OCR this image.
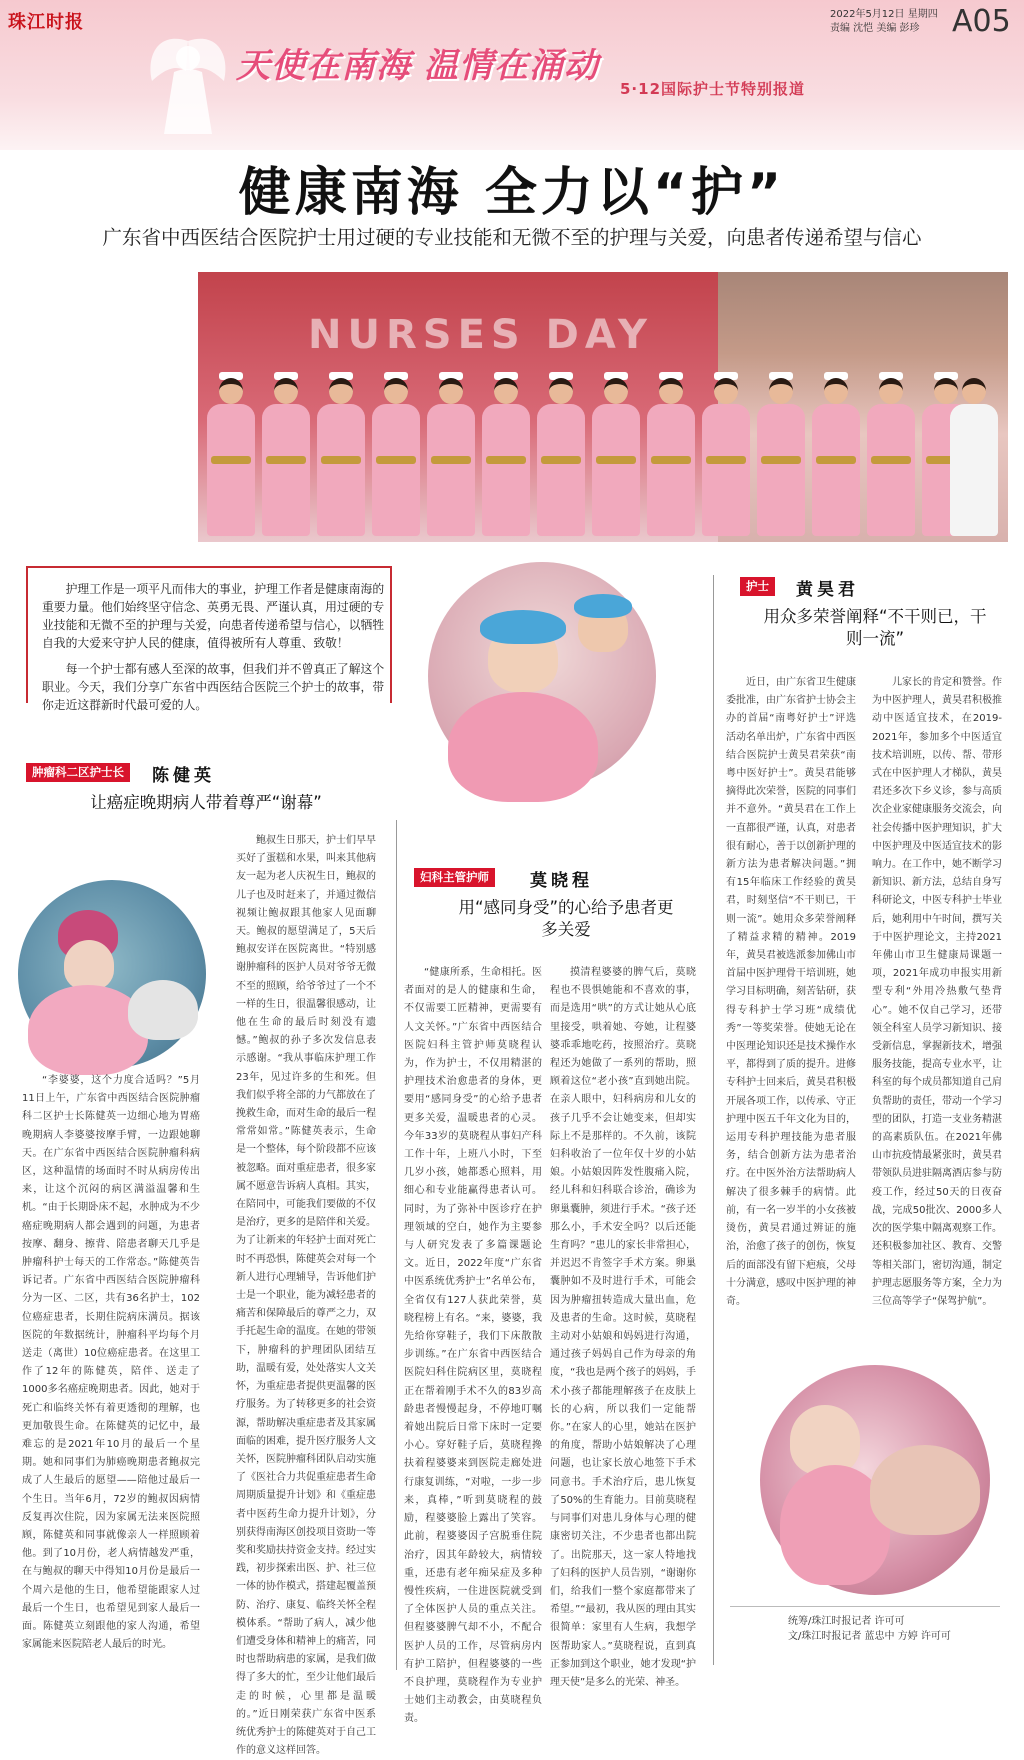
珠江时报	2022年5月12日 星期四
责编 沈恺 美编 彭珍	A05
天使在南海 温情在涌动
5·12国际护士节特别报道
健康南海 全力以“护”
广东省中西医结合医院护士用过硬的专业技能和无微不至的护理与关爱，向患者传递希望与信心
NURSES DAY

护理工作是一项平凡而伟大的事业，护理工作者是健康南海的重要力量。他们始终坚守信念、英勇无畏、严谨认真，用过硬的专业技能和无微不至的护理与关爱，向患者传递希望与信心，以牺牲自我的大爱来守护人民的健康，值得被所有人尊重、致敬！

每一个护士都有感人至深的故事，但我们并不曾真正了解这个职业。今天，我们分享广东省中西医结合医院三个护士的故事，带你走近这群新时代最可爱的人。

肿瘤科二区护士长	陈健英
让癌症晚期病人带着尊严“谢幕”

鲍叔生日那天，护士们早早买好了蛋糕和水果，叫来其他病友一起为老人庆祝生日，鲍叔的儿子也及时赶来了，并通过微信视频让鲍叔跟其他家人见面聊天。鲍叔的愿望满足了，5天后鲍叔安详在医院离世。“特别感谢肿瘤科的医护人员对爷爷无微不至的照顾，给爷爷过了一个不一样的生日，很温馨很感动，让他在生命的最后时刻没有遗憾。”鲍叔的孙子多次发信息表示感谢。“我从事临床护理工作23年，见过许多的生和死。但我们似乎将全部的力气都放在了挽救生命，而对生命的最后一程常常如常。”陈健英表示，生命是一个整体，每个阶段都不应该被忽略。面对重症患者，很多家属不愿意告诉病人真相。其实，在陪同中，可能我们要做的不仅是治疗，更多的是陪伴和关爱。为了让新来的年轻护士面对死亡时不再恐惧，陈健英会对每一个新人进行心理辅导，告诉他们护士是一个职业，能为减轻患者的痛苦和保障最后的尊严之力，双手托起生命的温度。在她的带领下，肿瘤科的护理团队团结互助，温暖有爱，处处落实人文关怀，为重症患者提供更温馨的医疗服务。为了转移更多的社会资源，帮助解决重症患者及其家属面临的困难，提升医疗服务人文关怀，医院肿瘤科团队启动实施了《医社合力共促重症患者生命周期质量提升计划》和《重症患者中医药生命力提升计划》，分别获得南海区创投项目资助一等奖和奖励扶持资金支持。经过实践，初步探索出医、护、社三位一体的协作模式，搭建起覆盖预防、治疗、康复、临终关怀全程模体系。“帮助了病人，减少他们遭受身体和精神上的痛苦，同时也帮助病患的家属，是我们做得了多大的忙，至少让他们最后走的时候，心里都是温暖的。”近日刚荣获广东省中医系统优秀护士的陈健英对于自己工作的意义这样回答。

“李婆婆，这个力度合适吗？”5月11日上午，广东省中西医结合医院肿瘤科二区护士长陈健英一边细心地为胃癌晚期病人李婆婆按摩手臂，一边跟她聊天。在广东省中西医结合医院肿瘤科病区，这种温情的场面时不时从病房传出来，让这个沉闷的病区满溢温馨和生机。“由于长期卧床不起，水肿成为不少癌症晚期病人都会遇到的问题，为患者按摩、翻身、擦背、陪患者聊天几乎是肿瘤科护士每天的工作常态。”陈健英告诉记者。广东省中西医结合医院肿瘤科分为一区、二区，共有36名护士，102位癌症患者，长期住院病床满员。据该医院的年数据统计，肿瘤科平均每个月送走（离世）10位癌症患者。在这里工作了12年的陈健英，陪伴、送走了1000多名癌症晚期患者。因此，她对于死亡和临终关怀有着更透彻的理解，也更加敬畏生命。在陈健英的记忆中，最难忘的是2021年10月的最后一个星期。她和同事们为肺癌晚期患者鲍叔完成了人生最后的愿望——陪他过最后一个生日。当年6月，72岁的鲍叔因病情反复再次住院，因为家属无法来医院照顾，陈健英和同事就像亲人一样照顾着他。到了10月份，老人病情越发严重，在与鲍叔的聊天中得知10月份是最后一个周六是他的生日，他希望能跟家人过最后一个生日，也希望见到家人最后一面。陈健英立刻跟他的家人沟通，希望家属能来医院陪老人最后的时光。

妇科主管护师	莫晓程
用“感同身受”的心给予患者更多关爱

“健康所系，生命相托。医者面对的是人的健康和生命，不仅需要工匠精神，更需要有人文关怀。”广东省中西医结合医院妇科主管护师莫晓程认为，作为护士，不仅用精湛的护理技术治愈患者的身体，更要用“感同身受”的心给予患者更多关爱，温暖患者的心灵。今年33岁的莫晓程从事妇产科工作十年，上班八小时，下至几岁小孩，她都悉心照料，用细心和专业能赢得患者认可。同时，为了弥补中医诊疗在护理领域的空白，她作为主要参与人研究发表了多篇课题论文。近日，2022年度“广东省中医系统优秀护士”名单公布，全省仅有127人获此荣誉，莫晓程榜上有名。“来，婆婆，我先给你穿鞋子，我们下床散散步训练。”在广东省中西医结合医院妇科住院病区里，莫晓程正在帮着刚手术不久的83岁高龄患者慢慢起身，不停地叮嘱着她出院后日常下床时一定要小心。穿好鞋子后，莫晓程搀扶着程婆婆来到医院走廊处进行康复训练，“对啦，一步一步来，真棒，”听到莫晓程的鼓励，程婆婆脸上露出了笑容。此前，程婆婆因子宫脱垂住院治疗，因其年龄较大，病情较重，还患有老年痴呆症及多种慢性疾病，一住进医院就受到了全体医护人员的重点关注。但程婆婆脾气却不小，不配合医护人员的工作，尽管病房内有护工陪护，但程婆婆的一些不良护理，莫晓程作为专业护士她们主动教会，由莫晓程负责。

摸清程婆婆的脾气后，莫晓程也不畏惧她能和不喜欢的事，而是选用“哄”的方式让她从心底里接受，哄着她、夸她，让程婆婆乖乖地吃药，按照治疗。莫晓程还为她做了一系列的帮助，照顾着这位“老小孩”直到她出院。在亲人眼中，妇科病房和儿女的孩子几乎不会让她变来，但却实际上不是那样的。不久前，该院妇科收治了一位年仅十岁的小姑娘。小姑娘因阵发性腹痛入院，经儿科和妇科联合诊治，确诊为卵巢囊肿，须进行手术。“孩子还那么小，手术安全吗？以后还能生育吗？”患儿的家长非常担心，并迟迟不肯签字手术方案。卵巢囊肿如不及时进行手术，可能会因为肿瘤扭转造成大量出血，危及患者的生命。这时候，莫晓程主动对小姑娘和妈妈进行沟通，通过孩子妈妈自己作为母亲的角度，“我也是两个孩子的妈妈，手术小孩子都能理解孩子在皮肤上长的心病，所以我们一定能帮你。”在家人的心里，她站在医护的角度，帮助小姑娘解决了心理问题，也让家长放心地签下手术同意书。手术治疗后，患儿恢复了50%的生育能力。目前莫晓程与同事们对患儿身体与心理的健康密切关注，不少患者也都出院了。出院那天，这一家人特地找了妇科的医护人员告别，“谢谢你们，给我们一整个家庭都带来了希望。”“最初，我从医的理由其实很简单：家里有人生病，我想学医帮助家人。”莫晓程说，直到真正参加到这个职业，她才发现“护理天使”是多么的光荣、神圣。

护士	黄昊君
用众多荣誉阐释“不干则已，干则一流”

近日，由广东省卫生健康委批准，由广东省护士协会主办的首届“南粤好护士”评选活动名单出炉，广东省中西医结合医院护士黄昊君荣获“南粤中医好护士”。黄昊君能够摘得此次荣誉，医院的同事们并不意外。“黄昊君在工作上一直都很严谨，认真，对患者很有耐心，善于以创新护理的新方法为患者解决问题。”拥有15年临床工作经验的黄昊君，时刻坚信“不干则已，干则一流”。她用众多荣誉阐释了精益求精的精神。2019年，黄昊君被选派参加佛山市首届中医护理骨干培训班，她学习目标明确，刻苦钻研，获得专科护士学习班“成绩优秀”一等奖荣誉。使她无论在中医理论知识还是技术操作水平，都得到了质的提升。进修专科护士回来后，黄昊君积极开展各项工作，以传承、守正护理中医五千年文化为目的，运用专科护理技能为患者服务，结合创新方法为患者治疗。在中医外治方法帮助病人解决了很多棘手的病情。此前，有一名一岁半的小女孩被烫伤，黄昊君通过辨证的施治，治愈了孩子的创伤，恢复后的面部没有留下疤痕，父母十分满意，感叹中医护理的神奇。

儿家长的肯定和赞誉。作为中医护理人，黄昊君积极推动中医适宜技术，在2019-2021年，参加多个中医适宜技术培训班，以传、帮、带形式在中医护理人才梯队，黄昊君还多次下乡义诊，参与高质次企业家健康服务交流会，向社会传播中医护理知识，扩大中医护理及中医适宜技术的影响力。在工作中，她不断学习新知识、新方法，总结自身写科研论文，中医专科护士毕业后，她利用中午时间，撰写关于中医护理论文，主持2021年佛山市卫生健康局课题一项，2021年成功申报实用新型专利“外用冷热敷气垫背心”。她不仅自己学习，还带领全科室人员学习新知识、接受新信息，掌握新技术，增强服务技能，提高专业水平，让科室的每个成员都知道自己肩负帮助的责任，带动一个学习型的团队，打造一支业务精湛的高素质队伍。在2021年佛山市抗疫情最紧张时，黄昊君带领队员进驻隔离酒店参与防疫工作，经过50天的日夜奋战，完成50批次、2000多人次的医学集中隔离观察工作。还积极参加社区、教育、交警等相关部门，密切沟通，制定护理志愿服务等方案，全力为三位高等学子“保驾护航”。

统筹/珠江时报记者 许可可
文/珠江时报记者 蓝忠中 方婷 许可可
